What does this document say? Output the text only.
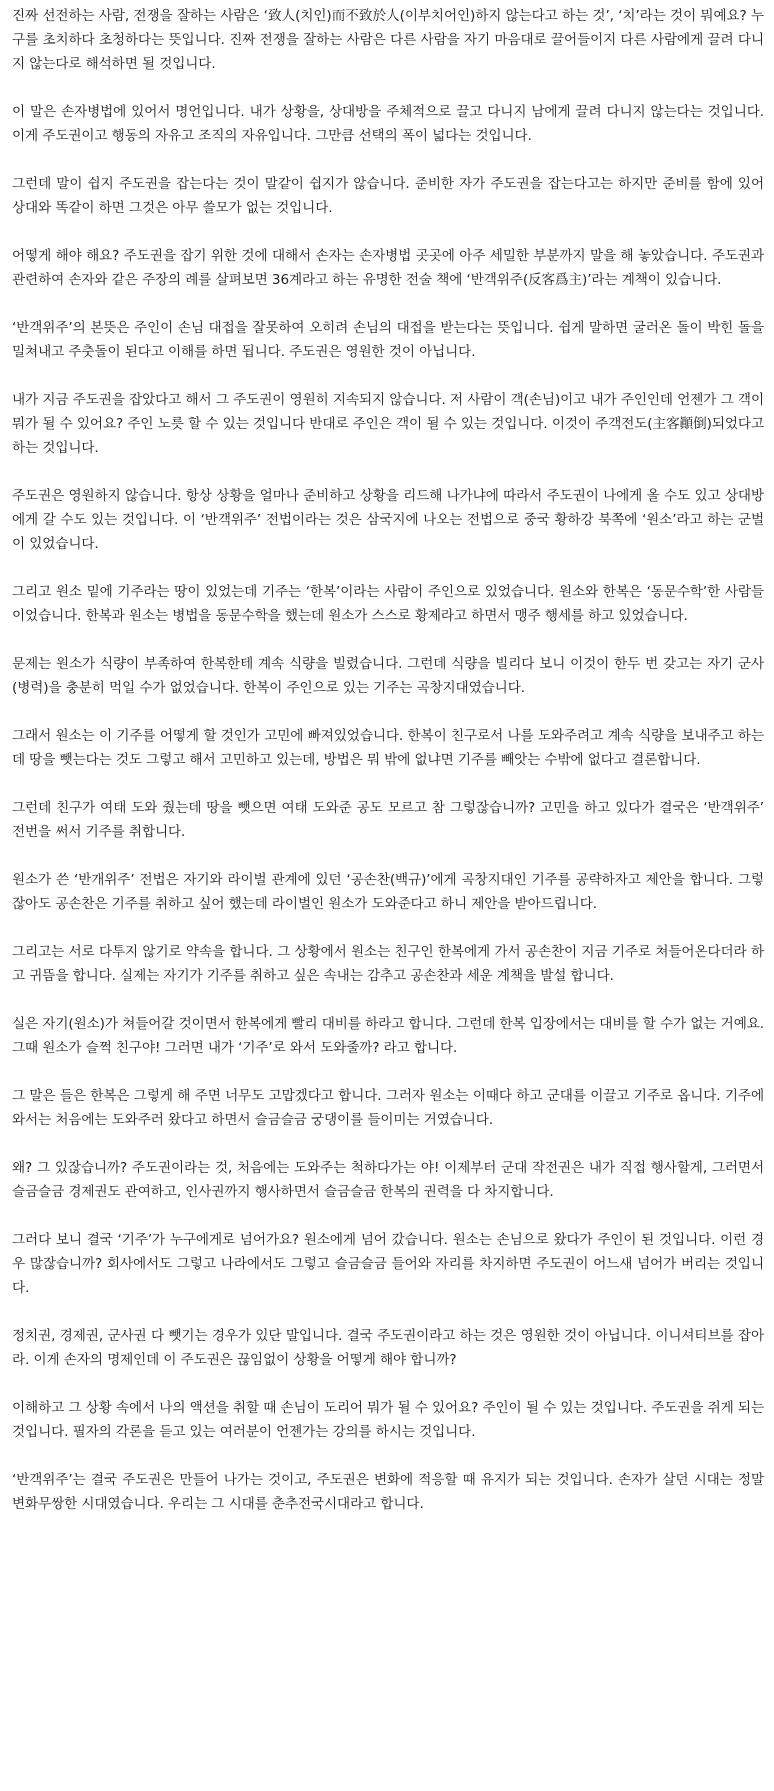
진짜 선전하는 사람, 전쟁을 잘하는 사람은 ‘致人(치인)而不致於人(이부치어인)하지 않는다고 하는 것’, ‘치’라는 것이 뭐예요? 누구를 초치하다 초청하다는 뜻입니다. 진짜 전쟁을 잘하는 사람은 다른 사람을 자기 마음대로 끌어들이지 다른 사람에게 끌려 다니지 않는다로 해석하면 될 것입니다.

이 말은 손자병법에 있어서 명언입니다. 내가 상황을, 상대방을 주체적으로 끌고 다니지 남에게 끌려 다니지 않는다는 것입니다. 이게 주도권이고 행동의 자유고 조직의 자유입니다. 그만큼 선택의 폭이 넓다는 것입니다.

그런데 말이 쉽지 주도권을 잡는다는 것이 말같이 쉽지가 않습니다. 준비한 자가 주도권을 잡는다고는 하지만 준비를 함에 있어 상대와 똑같이 하면 그것은 아무 쓸모가 없는 것입니다.

어떻게 해야 해요? 주도권을 잡기 위한 것에 대해서 손자는 손자병법 곳곳에 아주 세밀한 부분까지 말을 해 놓았습니다. 주도권과 관련하여 손자와 같은 주장의 례를 살펴보면 36계라고 하는 유명한 전술 책에 ‘반객위주(反客爲主)’라는 계책이 있습니다.

‘반객위주’의 본뜻은 주인이 손님 대접을 잘못하여 오히려 손님의 대접을 받는다는 뜻입니다. 쉽게 말하면 굴러온 돌이 박힌 돌을 밀쳐내고 주춧돌이 된다고 이해를 하면 됩니다. 주도권은 영원한 것이 아닙니다.

내가 지금 주도권을 잡았다고 해서 그 주도권이 영원히 지속되지 않습니다. 저 사람이 객(손님)이고 내가 주인인데 언젠가 그 객이 뭐가 될 수 있어요? 주인 노릇 할 수 있는 것입니다 반대로 주인은 객이 될 수 있는 것입니다. 이것이 주객전도(主客顚倒)되었다고 하는 것입니다.

주도권은 영원하지 않습니다. 항상 상황을 얼마나 준비하고 상황을 리드해 나가냐에 따라서 주도권이 나에게 올 수도 있고 상대방에게 갈 수도 있는 것입니다. 이 ‘반객위주’ 전법이라는 것은 삼국지에 나오는 전법으로 중국 황하강 북쪽에 ‘원소’라고 하는 군벌이 있었습니다.

그리고 원소 밑에 기주라는 땅이 있었는데 기주는 ‘한복’이라는 사람이 주인으로 있었습니다. 원소와 한복은 ‘동문수학’한 사람들이었습니다. 한복과 원소는 병법을 동문수학을 했는데 원소가 스스로 황제라고 하면서 맹주 행세를 하고 있었습니다.

문제는 원소가 식량이 부족하여 한복한테 계속 식량을 빌렸습니다. 그런데 식량을 빌리다 보니 이것이 한두 번 갖고는 자기 군사(병력)을 충분히 먹일 수가 없었습니다. 한복이 주인으로 있는 기주는 곡창지대였습니다.

그래서 원소는 이 기주를 어떻게 할 것인가 고민에 빠져있었습니다. 한복이 친구로서 나를 도와주려고 계속 식량을 보내주고 하는데 땅을 뺏는다는 것도 그렇고 해서 고민하고 있는데, 방법은 뭐 밖에 없냐면 기주를 빼앗는 수밖에 없다고 결론합니다.

그런데 친구가 여태 도와 줬는데 땅을 뺏으면 여태 도와준 공도 모르고 참 그렇잖습니까? 고민을 하고 있다가 결국은 ‘반객위주’ 전번을 써서 기주를 취합니다.

원소가 쓴 ‘반개위주’ 전법은 자기와 라이벌 관계에 있던 ‘공손찬(백규)’에게 곡창지대인 기주를 공략하자고 제안을 합니다. 그렇잖아도 공손찬은 기주를 취하고 싶어 했는데 라이벌인 원소가 도와준다고 하니 제안을 받아드립니다.

그리고는 서로 다투지 않기로 약속을 합니다. 그 상황에서 원소는 친구인 한복에게 가서 공손찬이 지금 기주로 쳐들어온다더라 하고 귀뜸을 합니다. 실제는 자기가 기주를 취하고 싶은 속내는 감추고 공손찬과 세운 계책을 발설 합니다.

실은 자기(원소)가 쳐들어갈 것이면서 한복에게 빨리 대비를 하라고 합니다. 그런데 한복 입장에서는 대비를 할 수가 없는 거예요. 그때 원소가 슬쩍 친구야! 그러면 내가 ‘기주’로 와서 도와줄까? 라고 합니다.

그 말은 들은 한복은 그렇게 해 주면 너무도 고맙겠다고 합니다. 그러자 원소는 이때다 하고 군대를 이끌고 기주로 옵니다. 기주에 와서는 처음에는 도와주러 왔다고 하면서 슬금슬금 궁댕이를 들이미는 거였습니다.

왜? 그 있잖습니까? 주도권이라는 것, 처음에는 도와주는 척하다가는 야! 이제부터 군대 작전권은 내가 직접 행사할게, 그러면서 슬금슬금 경제권도 관여하고, 인사권까지 행사하면서 슬금슬금 한복의 권력을 다 차지합니다.

그러다 보니 결국 ‘기주’가 누구에게로 넘어가요? 원소에게 넘어 갔습니다. 원소는 손님으로 왔다가 주인이 된 것입니다. 이런 경우 많잖습니까? 회사에서도 그렇고 나라에서도 그렇고 슬금슬금 들어와 자리를 차지하면 주도권이 어느새 넘어가 버리는 것입니다.

정치권, 경제권, 군사권 다 뺏기는 경우가 있단 말입니다. 결국 주도권이라고 하는 것은 영원한 것이 아닙니다. 이니셔티브를 잡아라. 이게 손자의 명제인데 이 주도권은 끊임없이 상황을 어떻게 해야 합니까?

이해하고 그 상황 속에서 나의 액션을 취할 때 손님이 도리어 뭐가 될 수 있어요? 주인이 될 수 있는 것입니다. 주도권을 쥐게 되는 것입니다. 필자의 각론을 듣고 있는 여러분이 언젠가는 강의를 하시는 것입니다.

‘반객위주’는 결국 주도권은 만들어 나가는 것이고, 주도권은 변화에 적응할 때 유지가 되는 것입니다. 손자가 살던 시대는 정말 변화무쌍한 시대였습니다. 우리는 그 시대를 춘추전국시대라고 합니다.
